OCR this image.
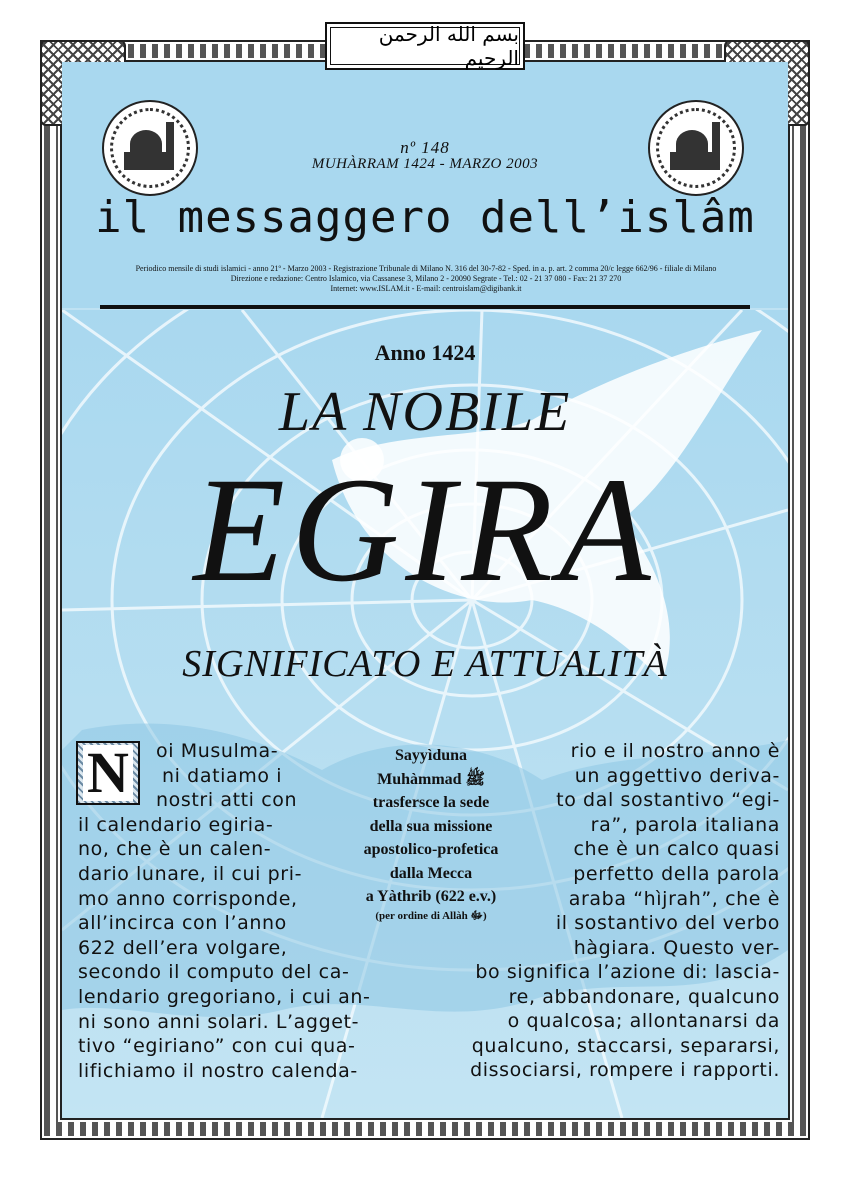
بسم الله الرحمن الرحيم
nº 148
MUHÀRRAM 1424 - MARZO 2003
il messaggero dell’islâm
Periodico mensile di studi islamici - anno 21º - Marzo 2003 - Registrazione Tribunale di Milano N. 316 del 30-7-82 - Sped. in a. p. art. 2 comma 20/c legge 662/96 - filiale di Milano
Direzione e redazione: Centro Islamico, via Cassanese 3, Milano 2 - 20090 Segrate - Tel.: 02 - 21 37 080 - Fax: 21 37 270
Internet: www.ISLAM.it - E-mail: centroislam@digibank.it
Anno 1424
LA NOBILE
EGIRA
SIGNIFICATO E ATTUALITÀ
N	oi Musulma-
ni datiamo i
nostri atti con
il calendario egiria-
no, che è un calen-
dario lunare, il cui pri-
mo anno corrisponde,
all’incirca con l’anno
622 dell’era volgare,
secondo il computo del ca-
lendario gregoriano, i cui an-
ni sono anni solari. L’agget-
tivo “egiriano” con cui qua-
lifichiamo il nostro calenda-
Sayyìduna
Muhàmmad ﷺ
trasfersce la sede
della sua missione
apostolico-profetica
dalla Mecca
a Yàthrib (622 e.v.)
(per ordine di Allàh ﷻ)
rio e il nostro anno è
un aggettivo deriva-
to dal sostantivo “egi-
ra”, parola italiana
che è un calco quasi
perfetto della parola
araba “hìjrah”, che è
il sostantivo del verbo
hàgiara. Questo ver-
bo significa l’azione di: lascia-
re, abbandonare, qualcuno
o qualcosa; allontanarsi da
qualcuno, staccarsi, separarsi,
dissociarsi, rompere i rapporti.
